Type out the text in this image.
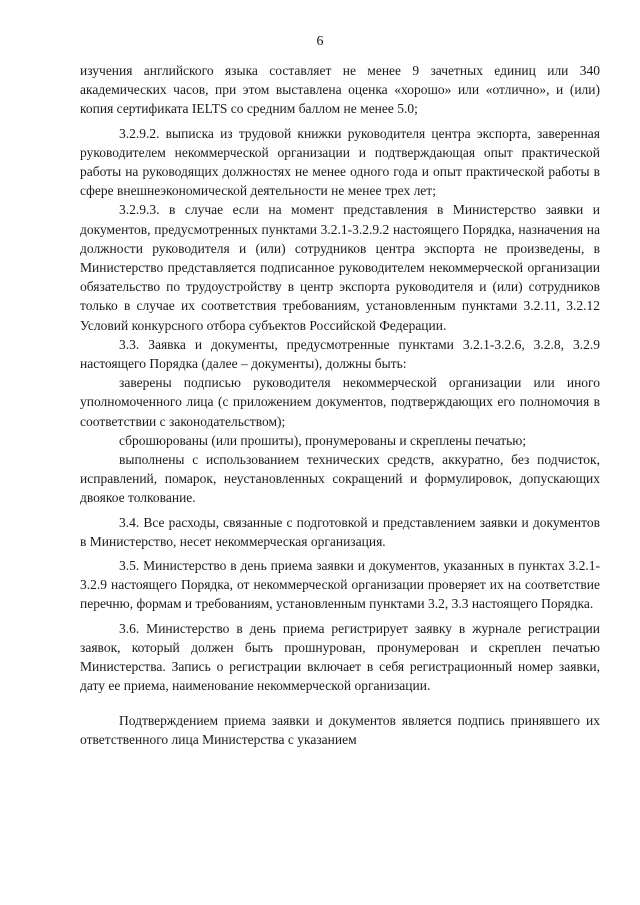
6

изучения английского языка составляет не менее 9 зачетных единиц или 340 академических часов, при этом выставлена оценка «хорошо» или «отлично», и (или) копия сертификата IELTS со средним баллом не менее 5.0;

3.2.9.2. выписка из трудовой книжки руководителя центра экспорта, заверенная руководителем некоммерческой организации и подтверждающая опыт практической работы на руководящих должностях не менее одного года и опыт практической работы в сфере внешнеэкономической деятельности не менее трех лет;

3.2.9.3. в случае если на момент представления в Министерство заявки и документов, предусмотренных пунктами 3.2.1-3.2.9.2 настоящего Порядка, назначения на должности руководителя и (или) сотрудников центра экспорта не произведены, в Министерство представляется подписанное руководителем некоммерческой организации обязательство по трудоустройству в центр экспорта руководителя и (или) сотрудников только в случае их соответствия требованиям, установленным пунктами 3.2.11, 3.2.12 Условий конкурсного отбора субъектов Российской Федерации.

3.3. Заявка и документы, предусмотренные пунктами 3.2.1-3.2.6, 3.2.8, 3.2.9 настоящего Порядка (далее – документы), должны быть:

заверены подписью руководителя некоммерческой организации или иного уполномоченного лица (с приложением документов, подтверждающих его полномочия в соответствии с законодательством);

сброшюрованы (или прошиты), пронумерованы и скреплены печатью;

выполнены с использованием технических средств, аккуратно, без подчисток, исправлений, помарок, неустановленных сокращений и формулировок, допускающих двоякое толкование.

3.4. Все расходы, связанные с подготовкой и представлением заявки и документов в Министерство, несет некоммерческая организация.

3.5. Министерство в день приема заявки и документов, указанных в пунктах 3.2.1-3.2.9 настоящего Порядка, от некоммерческой организации проверяет их на соответствие перечню, формам и требованиям, установленным пунктами 3.2, 3.3 настоящего Порядка.

3.6. Министерство в день приема регистрирует заявку в журнале регистрации заявок, который должен быть прошнурован, пронумерован и скреплен печатью Министерства. Запись о регистрации включает в себя регистрационный номер заявки, дату ее приема, наименование некоммерческой организации.

Подтверждением приема заявки и документов является подпись принявшего их ответственного лица Министерства с указанием
